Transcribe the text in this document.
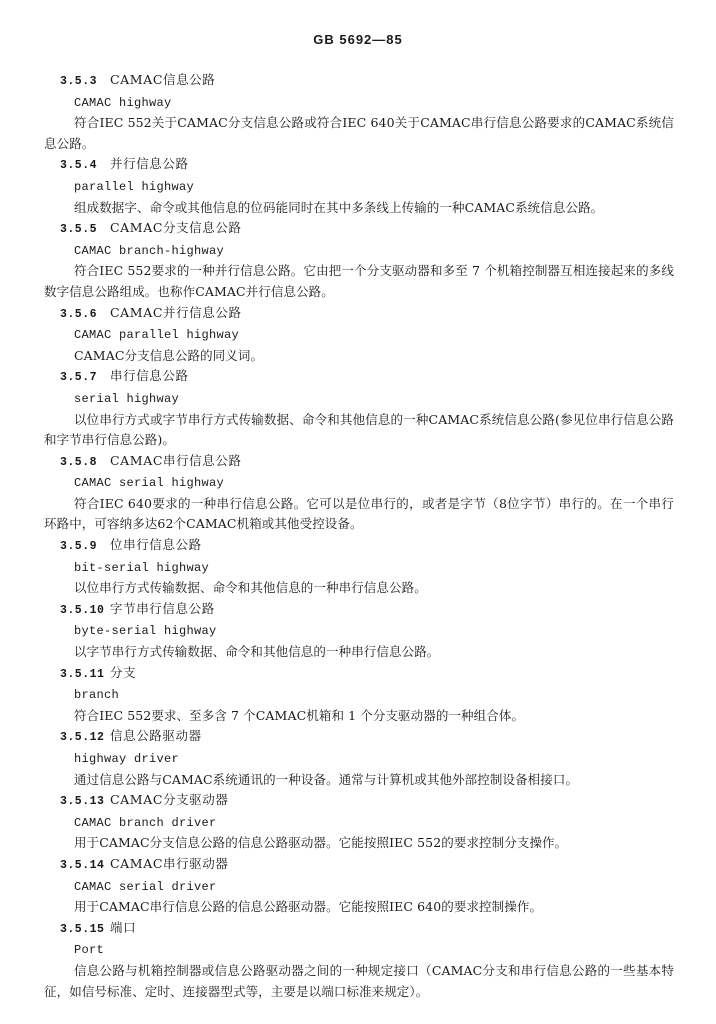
GB 5692—85
3.5.3 CAMAC信息公路
CAMAC highway

符合IEC 552关于CAMAC分支信息公路或符合IEC 640关于CAMAC串行信息公路要求的CAMAC系统信息公路。

3.5.4 并行信息公路
parallel highway

组成数据字、命令或其他信息的位码能同时在其中多条线上传输的一种CAMAC系统信息公路。

3.5.5 CAMAC分支信息公路
CAMAC branch-highway

符合IEC 552要求的一种并行信息公路。它由把一个分支驱动器和多至 7 个机箱控制器互相连接起来的多线数字信息公路组成。也称作CAMAC并行信息公路。

3.5.6 CAMAC并行信息公路
CAMAC parallel highway

CAMAC分支信息公路的同义词。

3.5.7 串行信息公路
serial highway

以位串行方式或字节串行方式传输数据、命令和其他信息的一种CAMAC系统信息公路(参见位串行信息公路和字节串行信息公路)。

3.5.8 CAMAC串行信息公路
CAMAC serial highway

符合IEC 640要求的一种串行信息公路。它可以是位串行的，或者是字节（8位字节）串行的。在一个串行环路中，可容纳多达62个CAMAC机箱或其他受控设备。

3.5.9 位串行信息公路
bit-serial highway

以位串行方式传输数据、命令和其他信息的一种串行信息公路。

3.5.10 字节串行信息公路
byte-serial highway

以字节串行方式传输数据、命令和其他信息的一种串行信息公路。

3.5.11 分支
branch

符合IEC 552要求、至多含 7 个CAMAC机箱和 1 个分支驱动器的一种组合体。

3.5.12 信息公路驱动器
highway driver

通过信息公路与CAMAC系统通讯的一种设备。通常与计算机或其他外部控制设备相接口。

3.5.13 CAMAC分支驱动器
CAMAC branch driver

用于CAMAC分支信息公路的信息公路驱动器。它能按照IEC 552的要求控制分支操作。

3.5.14 CAMAC串行驱动器
CAMAC serial driver

用于CAMAC串行信息公路的信息公路驱动器。它能按照IEC 640的要求控制操作。

3.5.15 端口
Port

信息公路与机箱控制器或信息公路驱动器之间的一种规定接口（CAMAC分支和串行信息公路的一些基本特征，如信号标准、定时、连接器型式等，主要是以端口标准来规定）。
